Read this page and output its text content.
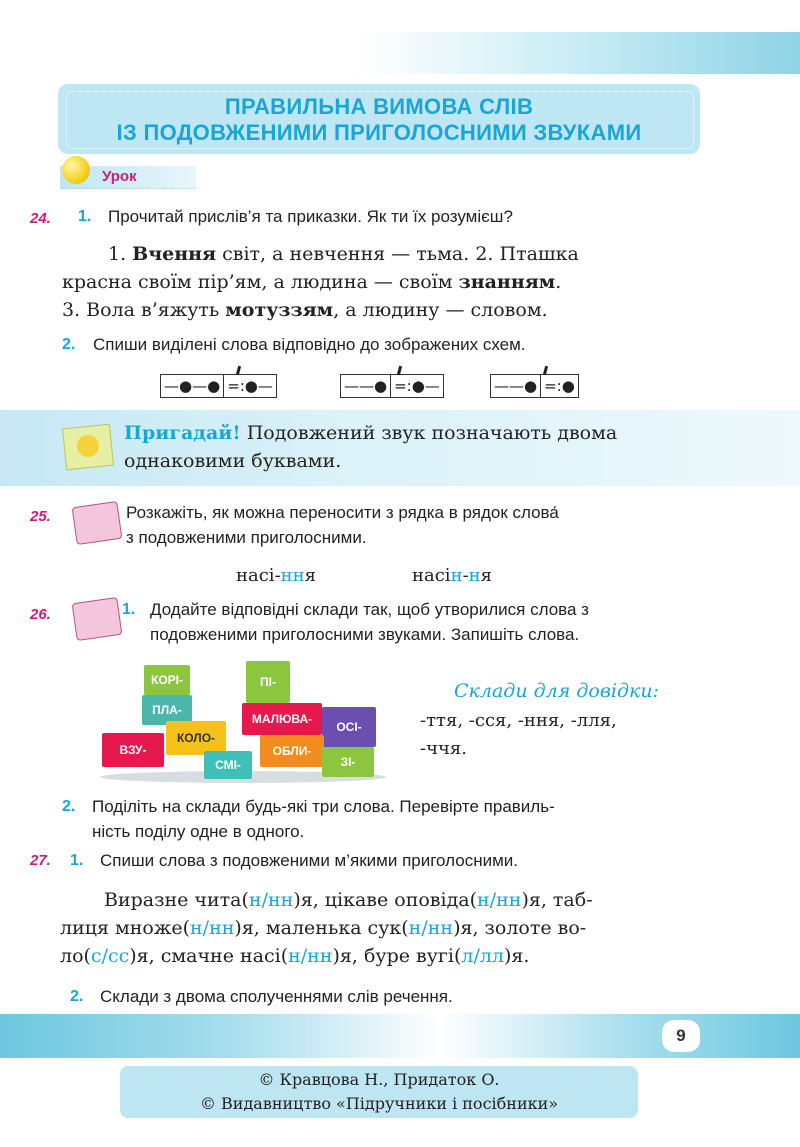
ПРАВИЛЬНА ВИМОВА СЛІВ
ІЗ ПОДОВЖЕНИМИ ПРИГОЛОСНИМИ ЗВУКАМИ
Урок
24. 1. Прочитай прислів’я та приказки. Як ти їх розумієш?
1. Вчення світ, а невчення — тьма. 2. Пташка
красна своїм пір’ям, а людина — своїм знанням.
3. Вола в’яжуть мотуззям, а людину — словом.
2. Спиши виділені слова відповідно до зображених схем.
—●—● =:●—	——● =:●—	——● =:●
Пригадай! Подовжений звук позначають двома
однаковими буквами.
25.	Розкажіть, як можна переносити з рядка в рядок слова́
з подовженими приголосними.
насі-ння	насін-ня
26.	1. Додайте відповідні склади так, щоб утворилися слова з
подовженими приголосними звуками. Запишіть слова.
КОРІ-
ПЛА-
КОЛО-
ВЗУ-
СМІ-
ПІ-
МАЛЮВА-
ОСІ-
ОБЛИ-
ЗІ-
Склади для довідки:
-ття, -сся, -ння, -лля,
-ччя.
2. Поділіть на склади будь-які три слова. Перевірте правиль-
ність поділу одне в одного.
27. 1. Спиши слова з подовженими м’якими приголосними.
Виразне чита(н/нн)я, цікаве оповіда(н/нн)я, таб-
лиця множе(н/нн)я, маленька сук(н/нн)я, золоте во-
ло(с/сс)я, смачне насі(н/нн)я, буре вугі(л/лл)я.
2. Склади з двома сполученнями слів речення.
9
© Кравцова Н., Придаток О.
© Видавництво «Підручники і посібники»
